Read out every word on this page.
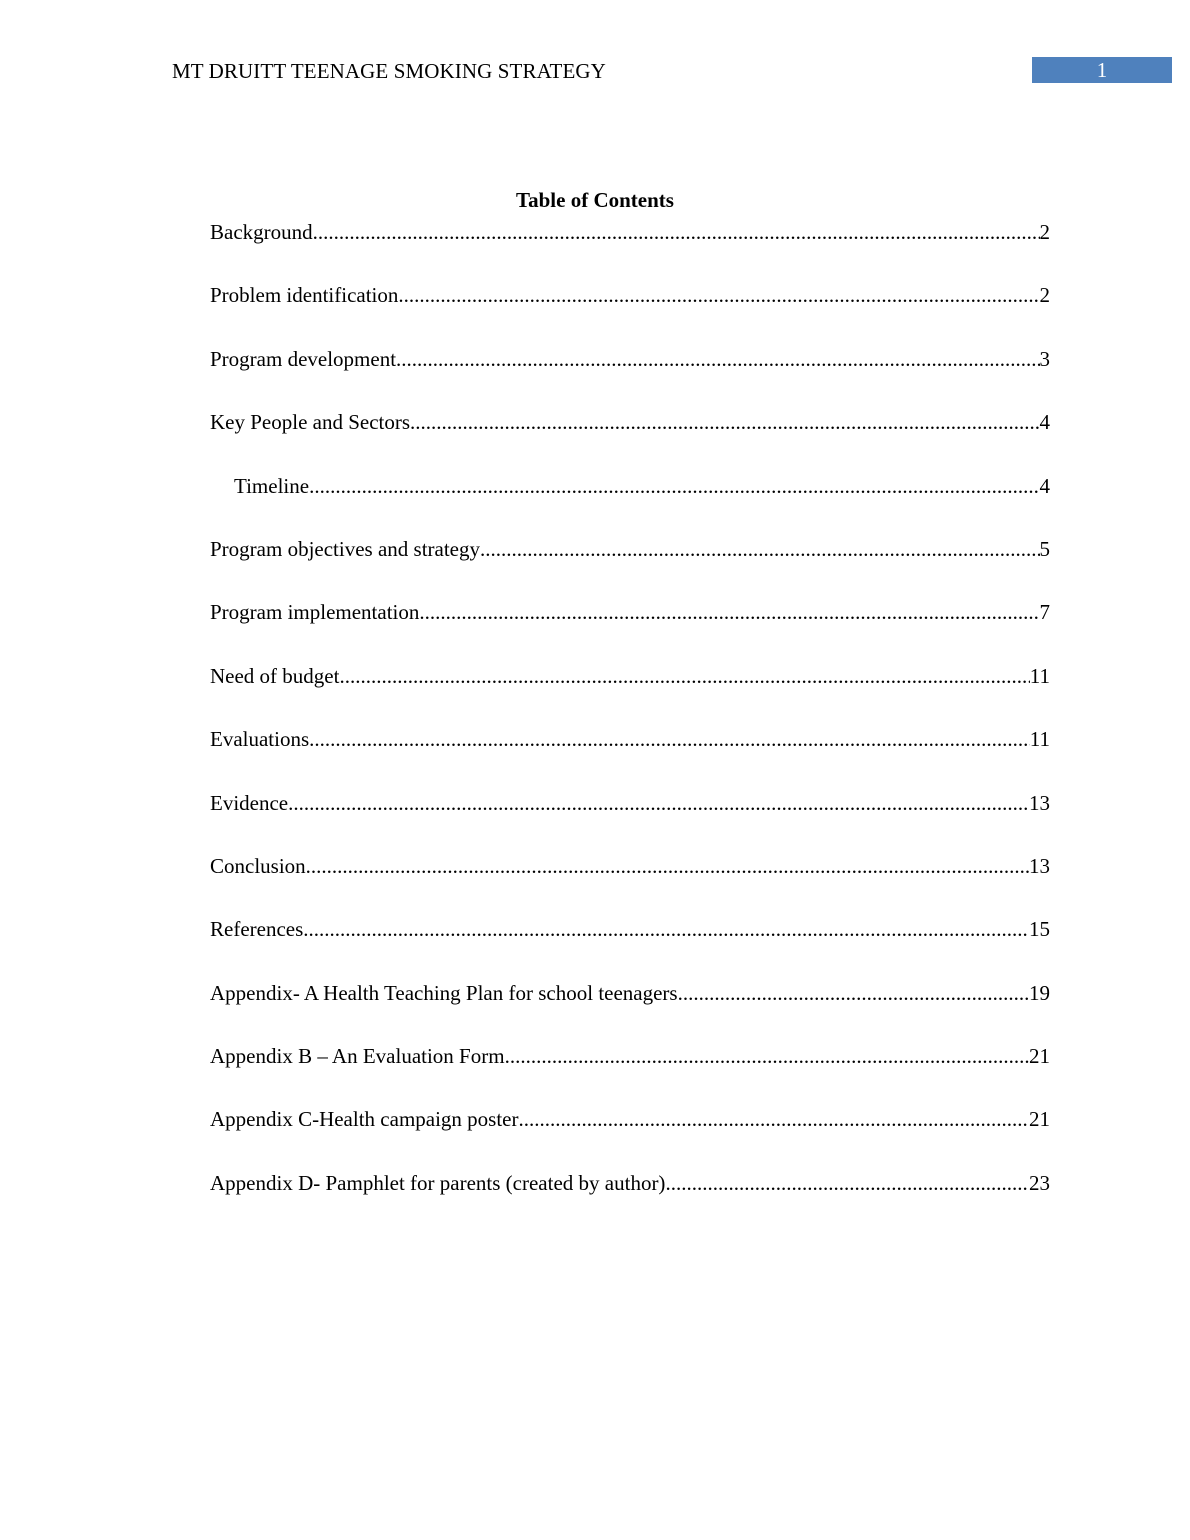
MT DRUITT TEENAGE SMOKING STRATEGY	1
Table of Contents
Background .....	2
Problem identification .....	2
Program development .....	3
Key People and Sectors .....	4
Timeline .....	4
Program objectives and strategy .....	5
Program implementation .....	7
Need of budget .....	11
Evaluations .....	11
Evidence .....	13
Conclusion .....	13
References .....	15
Appendix- A Health Teaching Plan for school teenagers .....	19
Appendix B – An Evaluation Form .....	21
Appendix C-Health campaign poster .....	21
Appendix D- Pamphlet for parents (created by author) .....	23
